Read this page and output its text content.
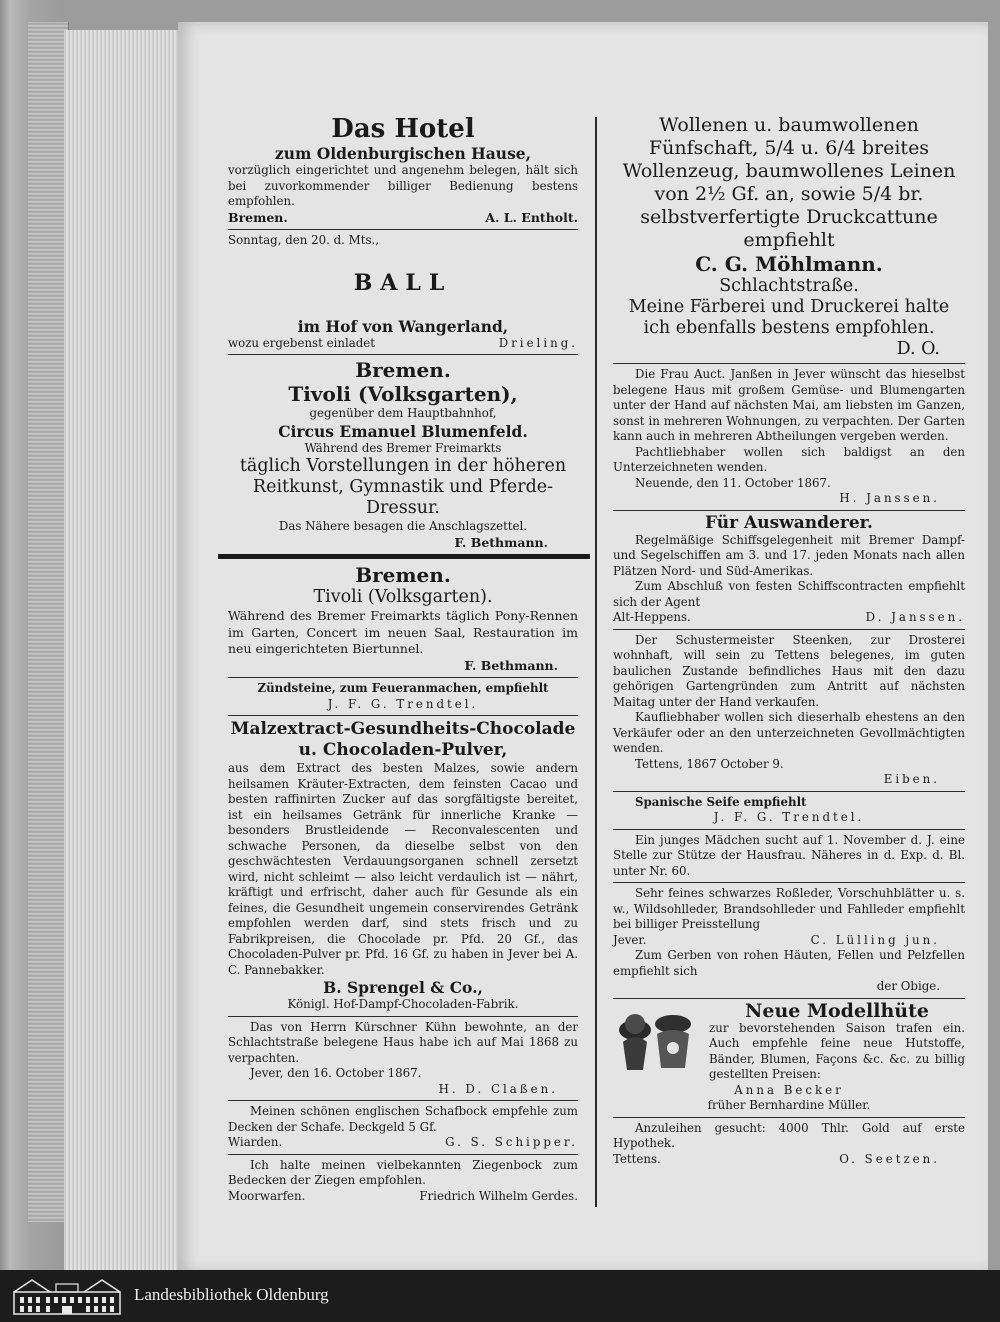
Das Hotel

zum Oldenburgischen Hause,

vorzüglich eingerichtet und angenehm belegen, hält sich bei zuvorkommender billiger Bedienung bestens empfohlen.

Bremen.	A. L. Entholt.

Sonntag, den 20. d. Mts.,

BALL

im Hof von Wangerland,

wozu ergebenst einladet	Drieling.

Bremen.

Tivoli (Volksgarten),

gegenüber dem Hauptbahnhof,

Circus Emanuel Blumenfeld.

Während des Bremer Freimarkts

täglich Vorstellungen in der höheren Reitkunst, Gymnastik und Pferde-Dressur.

Das Nähere besagen die Anschlagszettel.

F. Bethmann.

Bremen.

Tivoli (Volksgarten).

Während des Bremer Freimarkts täglich Pony-Rennen im Garten, Concert im neuen Saal, Restauration im neu eingerichteten Biertunnel.

F. Bethmann.

Zündsteine, zum Feueranmachen, empfiehlt

J. F. G. Trendtel.

Malzextract-Gesundheits-Chocolade u. Chocoladen-Pulver,

aus dem Extract des besten Malzes, sowie andern heilsamen Kräuter-Extracten, dem feinsten Cacao und besten raffinirten Zucker auf das sorgfältigste bereitet, ist ein heilsames Getränk für innerliche Kranke — besonders Brustleidende — Reconvalescenten und schwache Personen, da dieselbe selbst von den geschwächtesten Verdauungsorganen schnell zersetzt wird, nicht schleimt — also leicht verdaulich ist — nährt, kräftigt und erfrischt, daher auch für Gesunde als ein feines, die Gesundheit ungemein conservirendes Getränk empfohlen werden darf, sind stets frisch und zu Fabrikpreisen, die Chocolade pr. Pfd. 20 Gf., das Chocoladen-Pulver pr. Pfd. 16 Gf. zu haben in Jever bei A. C. Pannebakker.

B. Sprengel & Co.,

Königl. Hof-Dampf-Chocoladen-Fabrik.

Das von Herrn Kürschner Kühn bewohnte, an der Schlachtstraße belegene Haus habe ich auf Mai 1868 zu verpachten.

Jever, den 16. October 1867.

H. D. Claßen.

Meinen schönen englischen Schafbock empfehle zum Decken der Schafe. Deckgeld 5 Gf.

Wiarden.	G. S. Schipper.

Ich halte meinen vielbekannten Ziegenbock zum Bedecken der Ziegen empfohlen.

Moorwarfen.	Friedrich Wilhelm Gerdes.

Wollenen u. baumwollenen Fünfschaft, 5/4 u. 6/4 breites Wollenzeug, baumwollenes Leinen von 2½ Gf. an, sowie 5/4 br. selbstverfertigte Druckcattune empfiehlt

C. G. Möhlmann.

Schlachtstraße.

Meine Färberei und Druckerei halte ich ebenfalls bestens empfohlen.

D. O.

Die Frau Auct. Janßen in Jever wünscht das hieselbst belegene Haus mit großem Gemüse- und Blumengarten unter der Hand auf nächsten Mai, am liebsten im Ganzen, sonst in mehreren Wohnungen, zu verpachten. Der Garten kann auch in mehreren Abtheilungen vergeben werden.

Pachtliebhaber wollen sich baldigst an den Unterzeichneten wenden.

Neuende, den 11. October 1867.

H. Janssen.

Für Auswanderer.

Regelmäßige Schiffsgelegenheit mit Bremer Dampf- und Segelschiffen am 3. und 17. jeden Monats nach allen Plätzen Nord- und Süd-Amerikas.

Zum Abschluß von festen Schiffscontracten empfiehlt sich der Agent

Alt-Heppens.	D. Janssen.

Der Schustermeister Steenken, zur Drosterei wohnhaft, will sein zu Tettens belegenes, im guten baulichen Zustande befindliches Haus mit den dazu gehörigen Gartengründen zum Antritt auf nächsten Maitag unter der Hand verkaufen.

Kaufliebhaber wollen sich dieserhalb ehestens an den Verkäufer oder an den unterzeichneten Gevollmächtigten wenden.

Tettens, 1867 October 9.

Eiben.

Spanische Seife empfiehlt

J. F. G. Trendtel.

Ein junges Mädchen sucht auf 1. November d. J. eine Stelle zur Stütze der Hausfrau. Näheres in d. Exp. d. Bl. unter Nr. 60.

Sehr feines schwarzes Roßleder, Vorschuhblätter u. s. w., Wildsohlleder, Brandsohlleder und Fahlleder empfiehlt bei billiger Preisstellung

Jever.	C. Lülling jun.

Zum Gerben von rohen Häuten, Fellen und Pelzfellen empfiehlt sich

der Obige.

Neue Modellhüte

zur bevorstehenden Saison trafen ein. Auch empfehle feine neue Hutstoffe, Bänder, Blumen, Façons &c. &c. zu billig gestellten Preisen:

Anna Becker

früher Bernhardine Müller.

Anzuleihen gesucht: 4000 Thlr. Gold auf erste Hypothek.

Tettens.	O. Seetzen.
Landesbibliothek Oldenburg
